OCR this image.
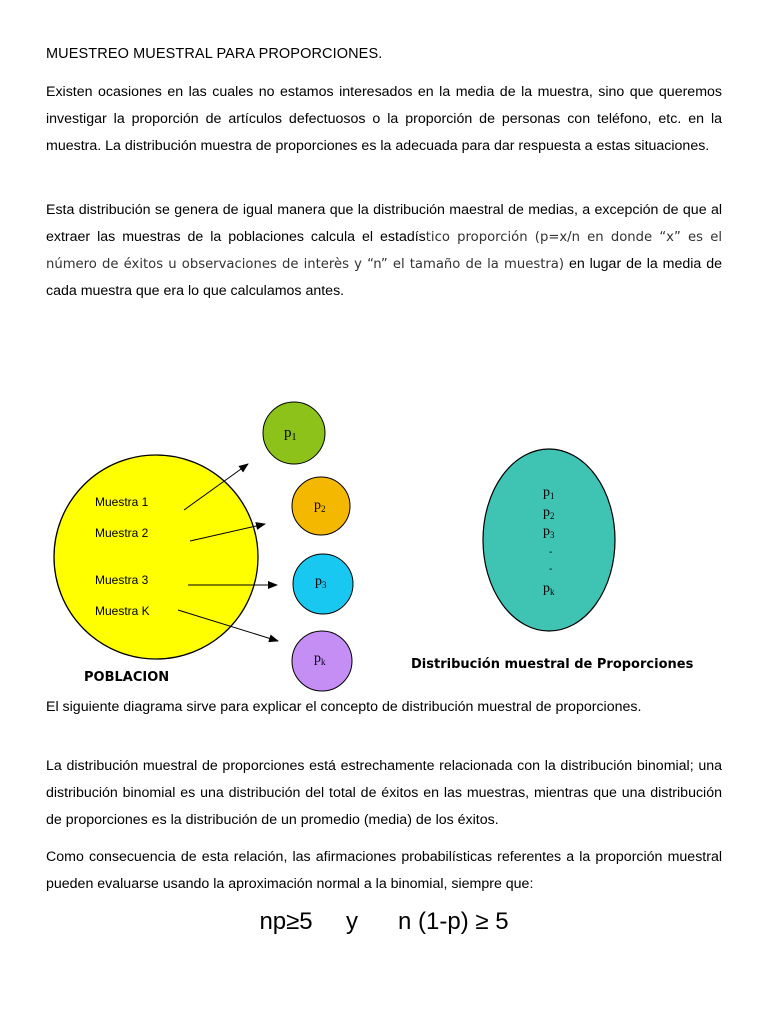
MUESTREO MUESTRAL PARA PROPORCIONES.
Existen ocasiones en las cuales no estamos interesados en la media de la muestra, sino que queremos investigar la proporción de artículos defectuosos o la proporción de personas con teléfono, etc. en la muestra. La distribución muestra de proporciones es la adecuada para dar respuesta a estas situaciones.
Esta distribución se genera de igual manera que la distribución maestral de medias, a excepción de que al extraer las muestras de la poblaciones calcula el estadístico proporción (p=x/n en donde “x” es el número de éxitos u observaciones de interès y “n” el tamaño de la muestra) en lugar de la media de cada muestra que era lo que calculamos antes.
Muestra 1
Muestra 2
Muestra 3
Muestra K
$p_1$
$p_2$
$p_3$
$p_k$
POBLACION
$p_1$
$p_2$
$p_3$
-
-
$p_k$
Distribución muestral de Proporciones
El siguiente diagrama sirve para explicar el concepto de distribución muestral de proporciones.
La distribución muestral de proporciones está estrechamente relacionada con la distribución binomial; una distribución binomial es una distribución del total de éxitos en las muestras, mientras que una distribución de proporciones es la distribución de un promedio (media) de los éxitos.
Como consecuencia de esta relación, las afirmaciones probabilísticas referentes a la proporción muestral pueden evaluarse usando la aproximación normal a la binomial, siempre que:
np≥5     y      n (1-p) ≥ 5
